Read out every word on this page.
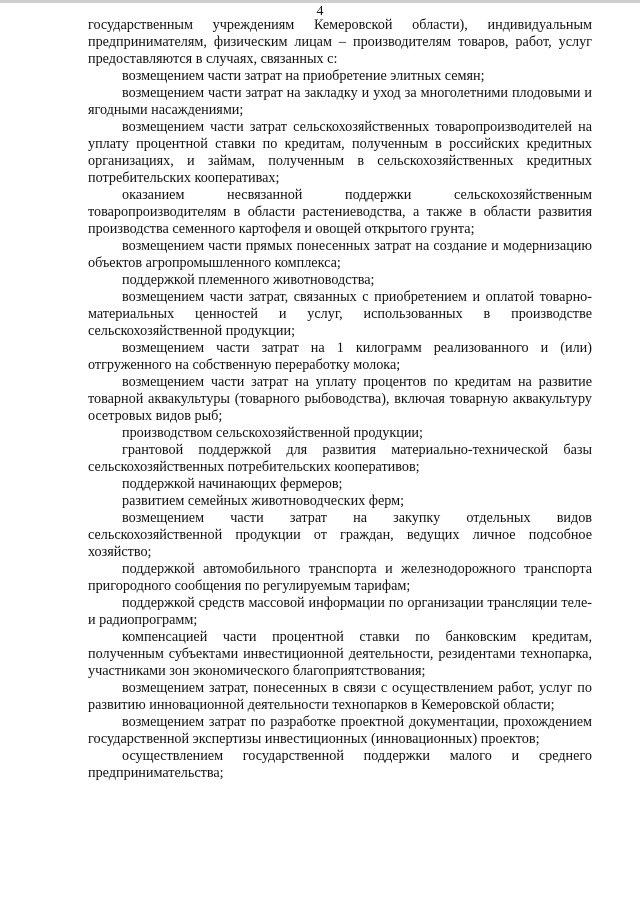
4

государственным учреждениям Кемеровской области), индивидуальным предпринимателям, физическим лицам – производителям товаров, работ, услуг предоставляются в случаях, связанных с:

возмещением части затрат на приобретение элитных семян;

возмещением части затрат на закладку и уход за многолетними плодовыми и ягодными насаждениями;

возмещением части затрат сельскохозяйственных товаропроизводителей на уплату процентной ставки по кредитам, полученным в российских кредитных организациях, и займам, полученным в сельскохозяйственных кредитных потребительских кооперативах;

оказанием несвязанной поддержки сельскохозяйственным товаропроизводителям в области растениеводства, а также в области развития производства семенного картофеля и овощей открытого грунта;

возмещением части прямых понесенных затрат на создание и модернизацию объектов агропромышленного комплекса;

поддержкой племенного животноводства;

возмещением части затрат, связанных с приобретением и оплатой товарно-материальных ценностей и услуг, использованных в производстве сельскохозяйственной продукции;

возмещением части затрат на 1 килограмм реализованного и (или) отгруженного на собственную переработку молока;

возмещением части затрат на уплату процентов по кредитам на развитие товарной аквакультуры (товарного рыбоводства), включая товарную аквакультуру осетровых видов рыб;

производством сельскохозяйственной продукции;

грантовой поддержкой для развития материально-технической базы сельскохозяйственных потребительских кооперативов;

поддержкой начинающих фермеров;

развитием семейных животноводческих ферм;

возмещением части затрат на закупку отдельных видов сельскохозяйственной продукции от граждан, ведущих личное подсобное хозяйство;

поддержкой автомобильного транспорта и железнодорожного транспорта пригородного сообщения по регулируемым тарифам;

поддержкой средств массовой информации по организации трансляции теле- и радиопрограмм;

компенсацией части процентной ставки по банковским кредитам, полученным субъектами инвестиционной деятельности, резидентами технопарка, участниками зон экономического благоприятствования;

возмещением затрат, понесенных в связи с осуществлением работ, услуг по развитию инновационной деятельности технопарков в Кемеровской области;

возмещением затрат по разработке проектной документации, прохождением государственной экспертизы инвестиционных (инновационных) проектов;

осуществлением государственной поддержки малого и среднего предпринимательства;
